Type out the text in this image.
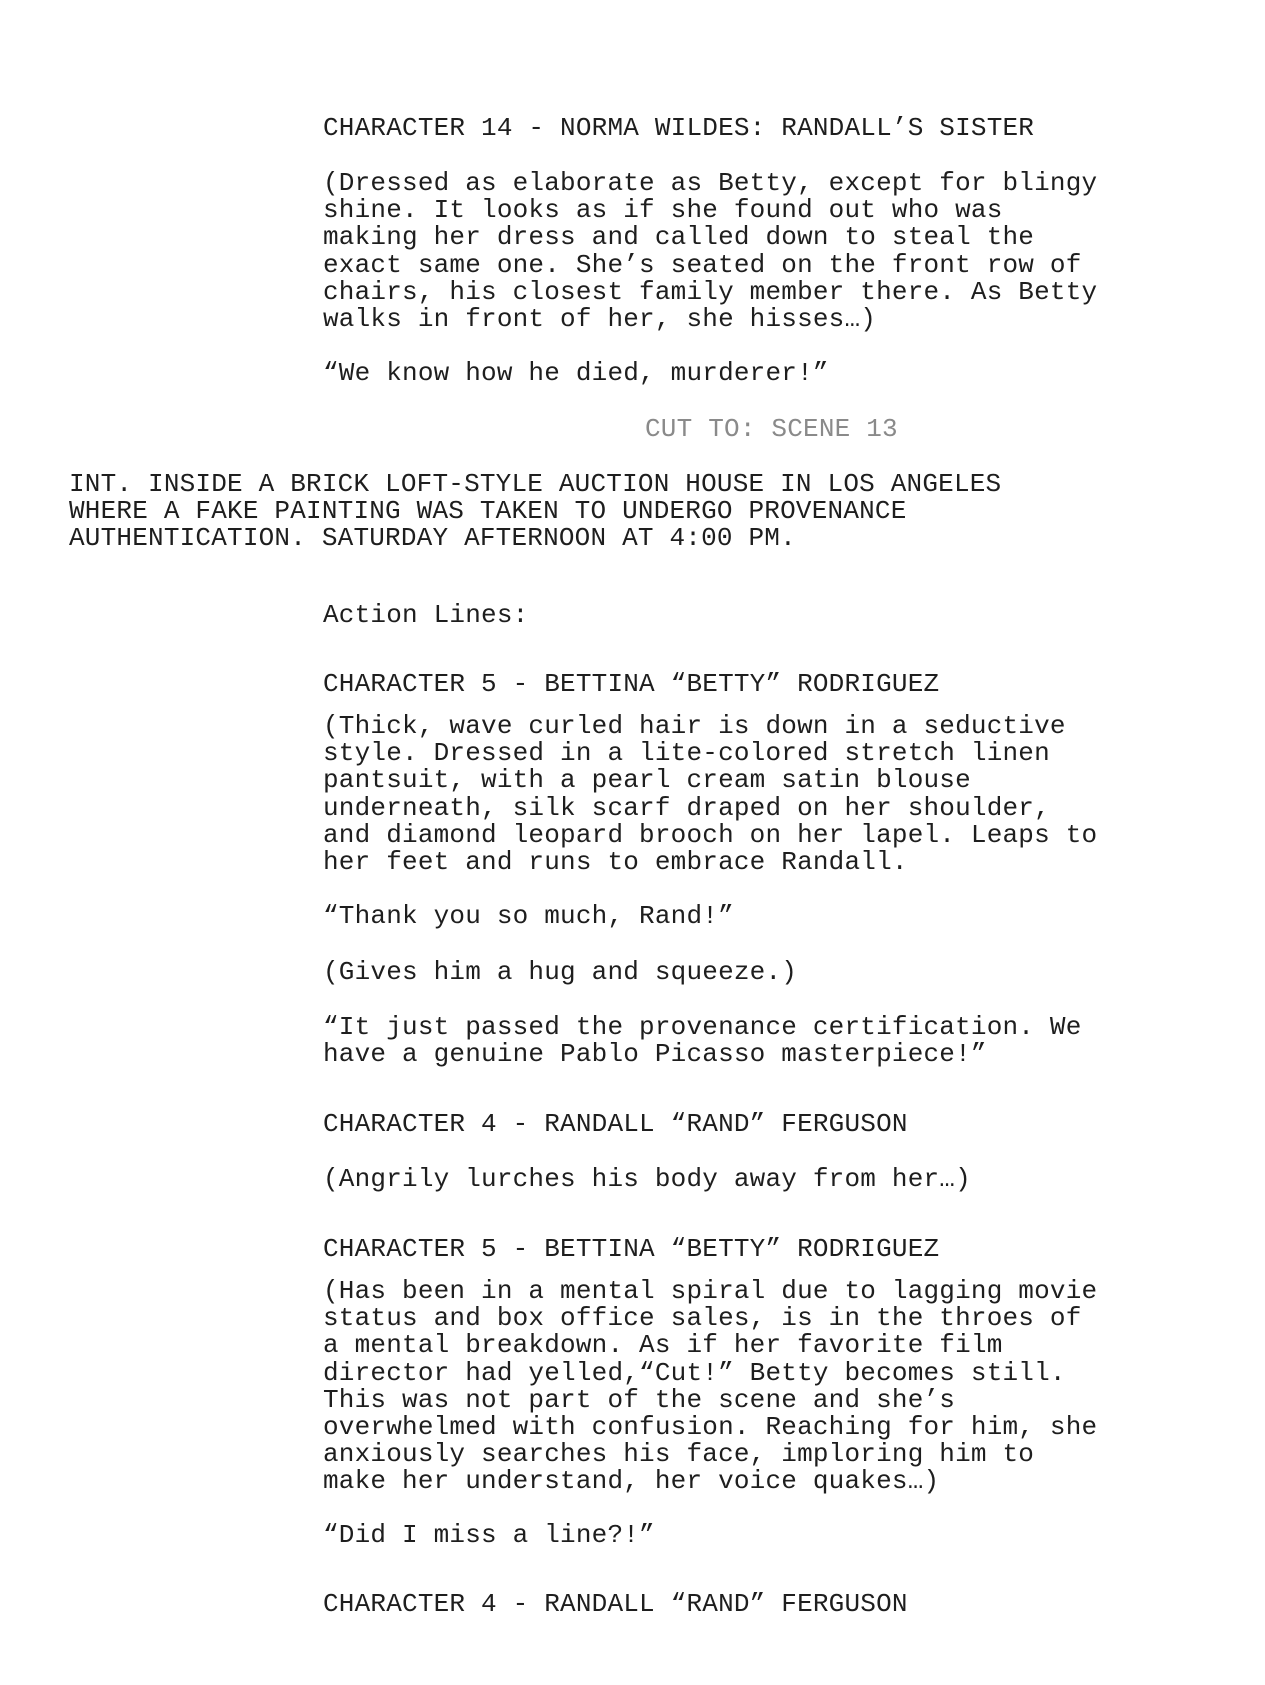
CHARACTER 14 - NORMA WILDES: RANDALL’S SISTER

(Dressed as elaborate as Betty, except for blingy
shine. It looks as if she found out who was
making her dress and called down to steal the
exact same one. She’s seated on the front row of
chairs, his closest family member there. As Betty
walks in front of her, she hisses…)

“We know how he died, murderer!”

CUT TO: SCENE 13

INT. INSIDE A BRICK LOFT-STYLE AUCTION HOUSE IN LOS ANGELES
WHERE A FAKE PAINTING WAS TAKEN TO UNDERGO PROVENANCE
AUTHENTICATION. SATURDAY AFTERNOON AT 4:00 PM.

Action Lines:

CHARACTER 5 - BETTINA “BETTY” RODRIGUEZ

(Thick, wave curled hair is down in a seductive
style. Dressed in a lite-colored stretch linen
pantsuit, with a pearl cream satin blouse
underneath, silk scarf draped on her shoulder,
and diamond leopard brooch on her lapel. Leaps to
her feet and runs to embrace Randall.

“Thank you so much, Rand!”

(Gives him a hug and squeeze.)

“It just passed the provenance certification. We
have a genuine Pablo Picasso masterpiece!”

CHARACTER 4 - RANDALL “RAND” FERGUSON

(Angrily lurches his body away from her…)

CHARACTER 5 - BETTINA “BETTY” RODRIGUEZ

(Has been in a mental spiral due to lagging movie
status and box office sales, is in the throes of
a mental breakdown. As if her favorite film
director had yelled,“Cut!” Betty becomes still.
This was not part of the scene and she’s
overwhelmed with confusion. Reaching for him, she
anxiously searches his face, imploring him to
make her understand, her voice quakes…)

“Did I miss a line?!”

CHARACTER 4 - RANDALL “RAND” FERGUSON
